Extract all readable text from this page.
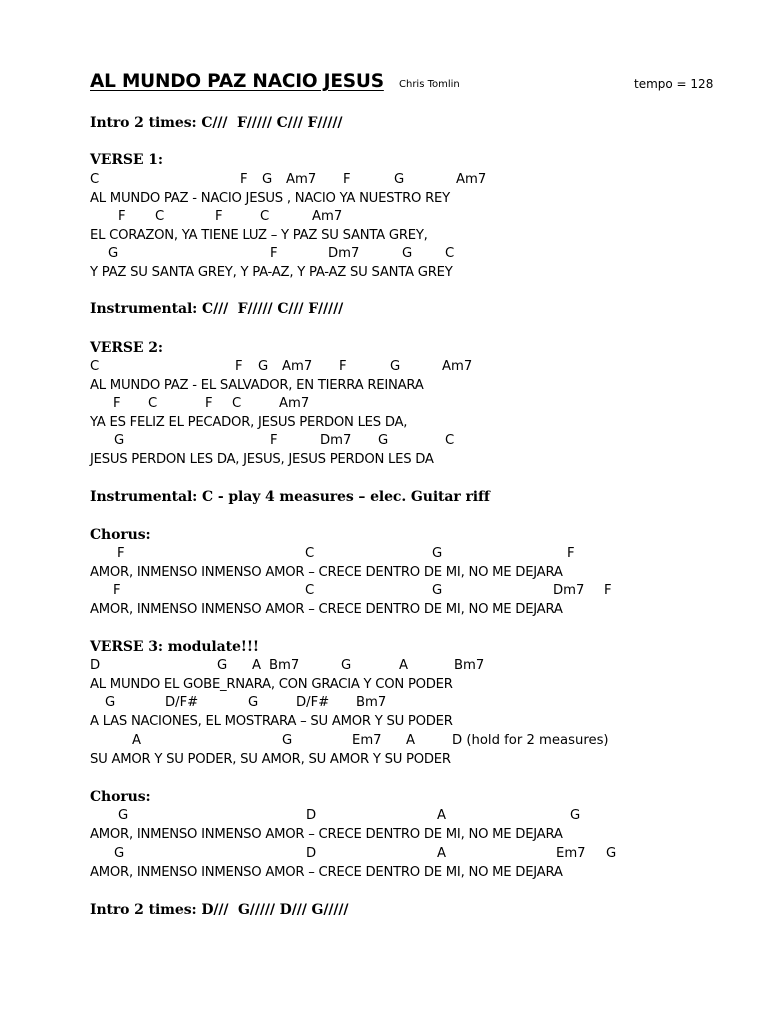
AL MUNDO PAZ NACIO JESUS Chris Tomlin	tempo = 128
Intro 2 times: C///  F///// C/// F/////
VERSE 1:
C	F G Am7 F	G	Am7
AL MUNDO PAZ - NACIO JESUS , NACIO YA NUESTRO REY
F C	F	C	Am7
EL CORAZON, YA TIENE LUZ – Y PAZ SU SANTA GREY,
G	F	Dm7	G C
Y PAZ SU SANTA GREY, Y PA-AZ, Y PA-AZ SU SANTA GREY
Instrumental: C///  F///// C/// F/////
VERSE 2:
C	F G Am7 F	G	Am7
AL MUNDO PAZ - EL SALVADOR, EN TIERRA REINARA
F C	F C	Am7
YA ES FELIZ EL PECADOR, JESUS PERDON LES DA,
G	F	Dm7 G	C
JESUS PERDON LES DA, JESUS, JESUS PERDON LES DA
Instrumental: C - play 4 measures – elec. Guitar riff
Chorus:
F	C	G	F
AMOR, INMENSO INMENSO AMOR – CRECE DENTRO DE MI, NO ME DEJARA
F	C	G	Dm7 F
AMOR, INMENSO INMENSO AMOR – CRECE DENTRO DE MI, NO ME DEJARA
VERSE 3: modulate!!!
D	G A Bm7	G	A	Bm7
AL MUNDO EL GOBE_RNARA, CON GRACIA Y CON PODER
G	D/F#	G	D/F# Bm7
A LAS NACIONES, EL MOSTRARA – SU AMOR Y SU PODER
A	G	Em7 A	D (hold for 2 measures)
SU AMOR Y SU PODER, SU AMOR, SU AMOR Y SU PODER
Chorus:
G	D	A	G
AMOR, INMENSO INMENSO AMOR – CRECE DENTRO DE MI, NO ME DEJARA
G	D	A	Em7 G
AMOR, INMENSO INMENSO AMOR – CRECE DENTRO DE MI, NO ME DEJARA
Intro 2 times: D///  G///// D/// G/////
